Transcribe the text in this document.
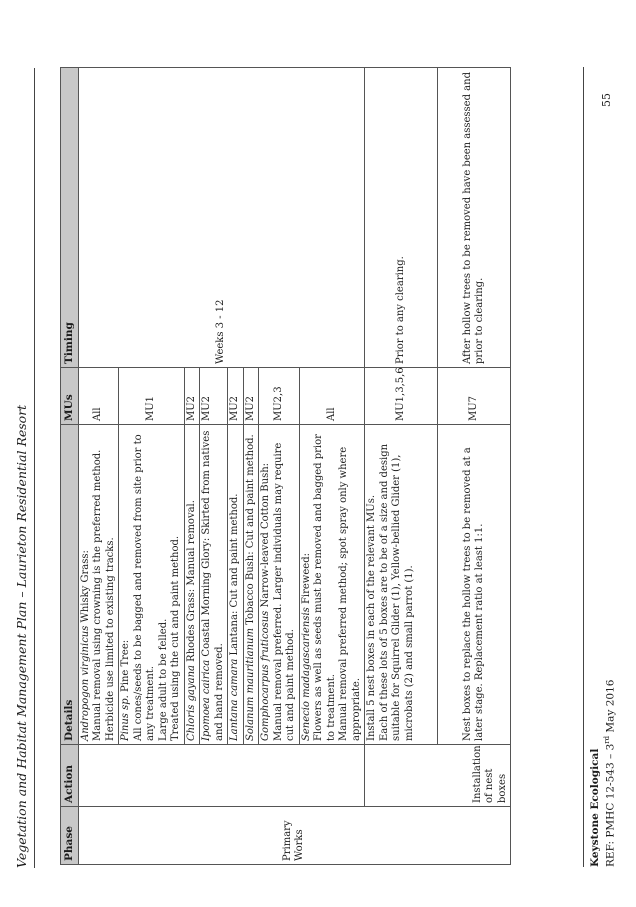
Vegetation and Habitat Management Plan – Laurieton Residential Resort	Phase	Action	Details	MUs	Timing
Primary Works		Andropogon virginicus Whisky Grass: Manual removal using crowning is the preferred method. Herbicide use limited to existing tracks.	All	Weeks 3 - 12
		Pinus sp. Pine Tree: All cones/seeds to be bagged and removed from site prior to any treatment. Large adult to be felled. Treated using the cut and paint method.	MU1	
		Chloris gayana Rhodes Grass: Manual removal.	MU2	
		Ipomoea cairica Coastal Morning Glory: Skirted from natives and hand removed.	MU2	
		Lantana camara Lantana: Cut and paint method.	MU2	
		Solanum mauritianum Tobacco Bush: Cut and paint method.	MU2	
		Gomphocarpus fruticosus Narrow-leaved Cotton Bush: Manual removal preferred. Larger individuals may require cut and paint method.	MU2,3	
		Senecio madagascariensis Fireweed: Flowers as well as seeds must be removed and bagged prior to treatment. Manual removal preferred method; spot spray only where appropriate.	All	
	Installation of nest boxes	Install 5 nest boxes in each of the relevant MUs. Each of these lots of 5 boxes are to be of a size and design suitable for Squirrel Glider (1), Yellow-bellied Glider (1), microbats (2) and small parrot (1).	MU1,3,5,6	Prior to any clearing.
		Nest boxes to replace the hollow trees to be removed at a later stage. Replacement ratio at least 1:1.	MU7	After hollow trees to be removed have been assessed and prior to clearing.
Keystone Ecological REF: PMHC 12-543 – 3rd May 2016
55
